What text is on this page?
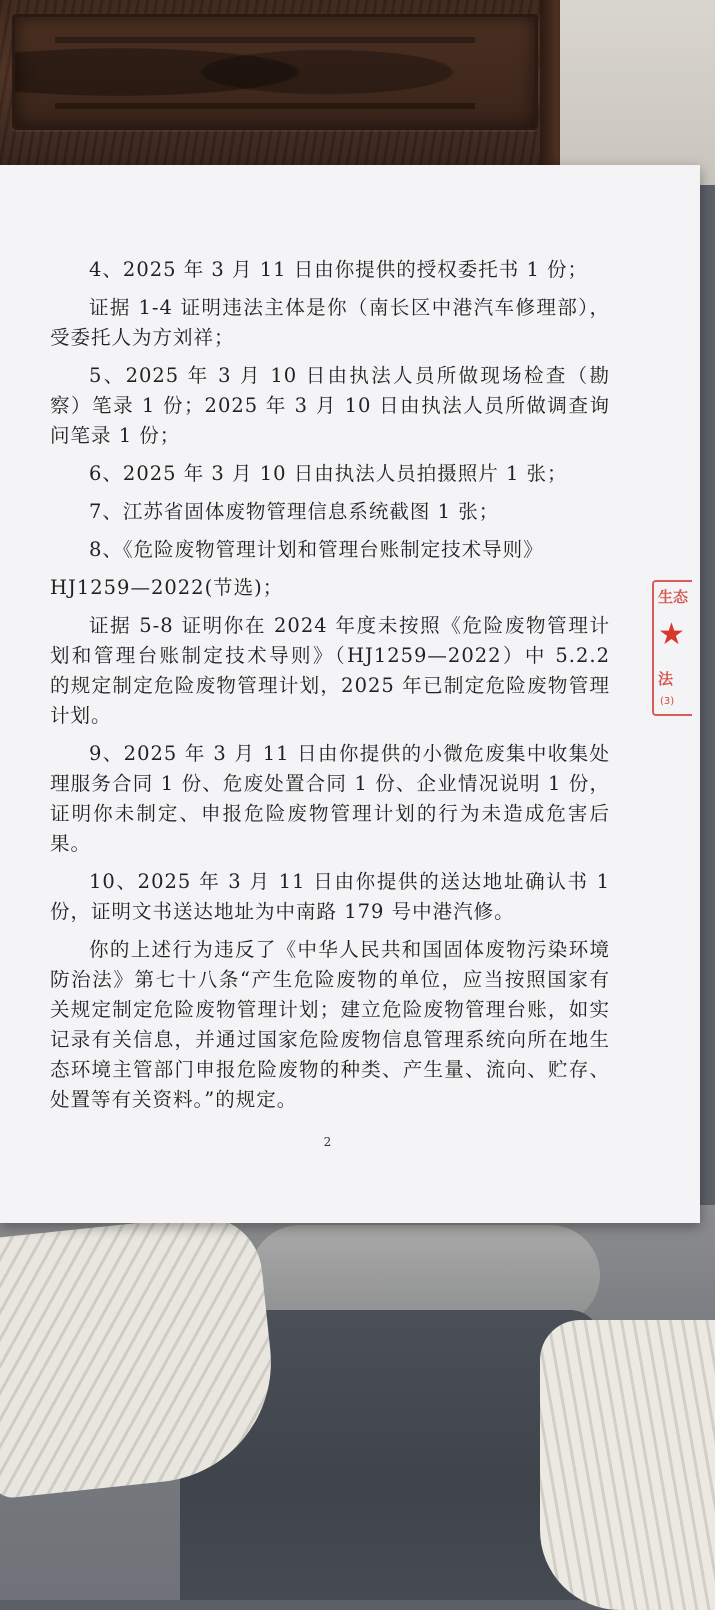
4、2025 年 3 月 11 日由你提供的授权委托书 1 份；

证据 1-4 证明违法主体是你（南长区中港汽车修理部），受委托人为方刘祥；

5、2025 年 3 月 10 日由执法人员所做现场检查（勘察）笔录 1 份；2025 年 3 月 10 日由执法人员所做调查询问笔录 1 份；

6、2025 年 3 月 10 日由执法人员拍摄照片 1 张；

7、江苏省固体废物管理信息系统截图 1 张；

8、《危险废物管理计划和管理台账制定技术导则》

HJ1259—2022(节选)；

证据 5-8 证明你在 2024 年度未按照《危险废物管理计划和管理台账制定技术导则》（HJ1259—2022）中 5.2.2 的规定制定危险废物管理计划，2025 年已制定危险废物管理计划。

9、2025 年 3 月 11 日由你提供的小微危废集中收集处理服务合同 1 份、危废处置合同 1 份、企业情况说明 1 份，证明你未制定、申报危险废物管理计划的行为未造成危害后果。

10、2025 年 3 月 11 日由你提供的送达地址确认书 1 份，证明文书送达地址为中南路 179 号中港汽修。

你的上述行为违反了《中华人民共和国固体废物污染环境防治法》第七十八条“产生危险废物的单位，应当按照国家有关规定制定危险废物管理计划；建立危险废物管理台账，如实记录有关信息，并通过国家危险废物信息管理系统向所在地生态环境主管部门申报危险废物的种类、产生量、流向、贮存、处置等有关资料。”的规定。

2
生态
★
法
(3)
